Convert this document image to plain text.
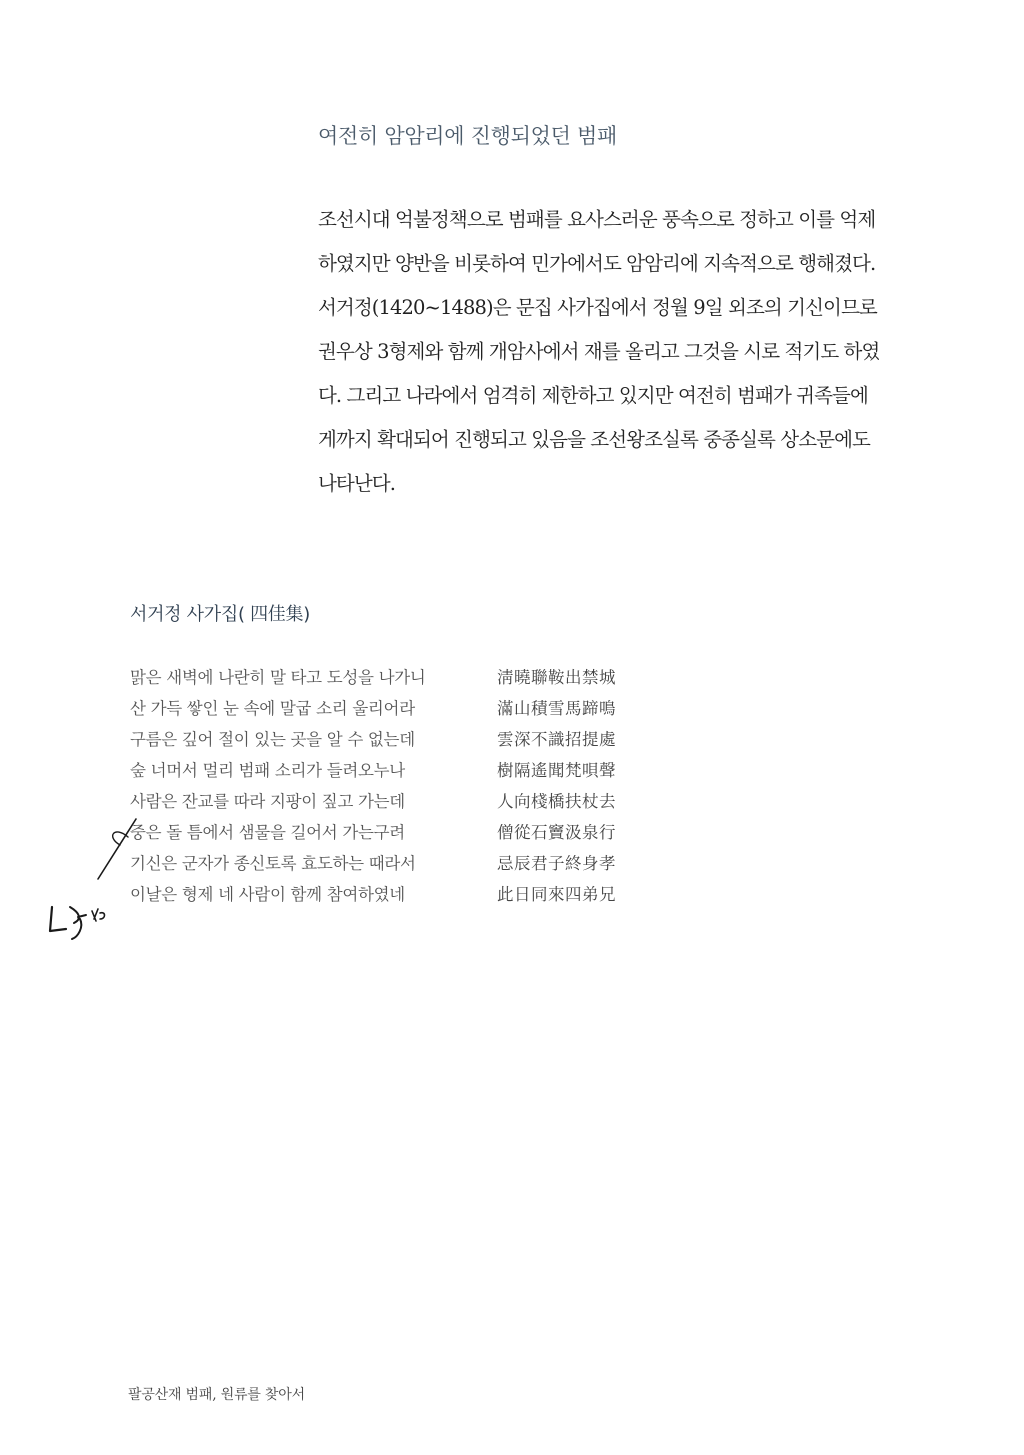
여전히 암암리에 진행되었던 범패
조선시대 억불정책으로 범패를 요사스러운 풍속으로 정하고 이를 억제
하였지만 양반을 비롯하여 민가에서도 암암리에 지속적으로 행해졌다.
서거정(1420~1488)은 문집 사가집에서 정월 9일 외조의 기신이므로
권우상 3형제와 함께 개암사에서 재를 올리고 그것을 시로 적기도 하였
다. 그리고 나라에서 엄격히 제한하고 있지만 여전히 범패가 귀족들에
게까지 확대되어 진행되고 있음을 조선왕조실록 중종실록 상소문에도
나타난다.
서거정 사가집( 四佳集)
맑은 새벽에 나란히 말 타고 도성을 나가니
산 가득 쌓인 눈 속에 말굽 소리 울리어라
구름은 깊어 절이 있는 곳을 알 수 없는데
숲 너머서 멀리 범패 소리가 들려오누나
사람은 잔교를 따라 지팡이 짚고 가는데
중은 돌 틈에서 샘물을 길어서 가는구려
기신은 군자가 종신토록 효도하는 때라서
이날은 형제 네 사람이 함께 참여하였네
淸曉聯鞍出禁城
滿山積雪馬蹄鳴
雲深不識招提處
樹隔遙聞梵唄聲
人向棧橋扶杖去
僧從石竇汲泉行
忌辰君子終身孝
此日同來四弟兄

팔공산재 범패, 원류를 찾아서
